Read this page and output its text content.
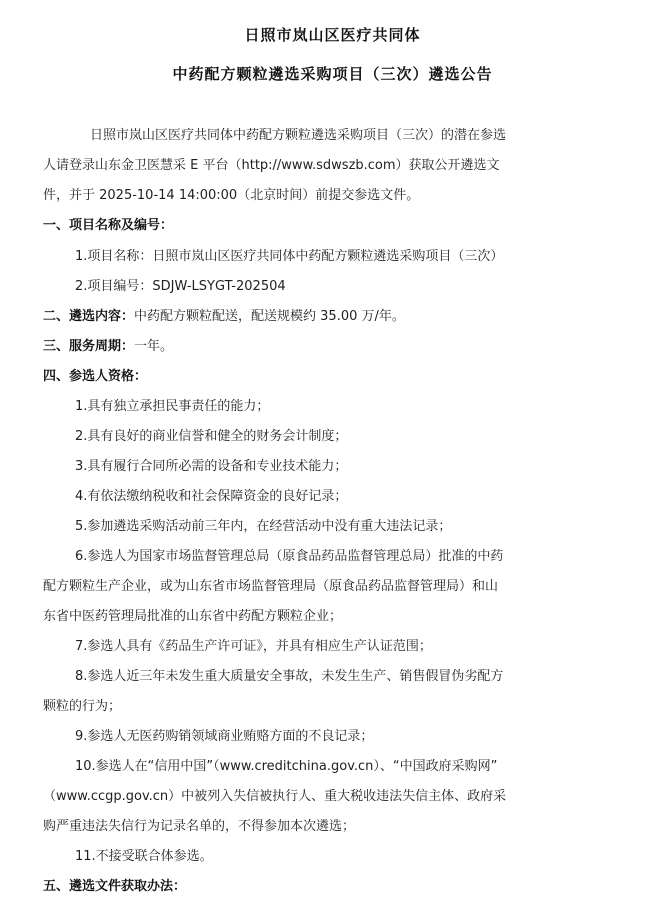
日照市岚山区医疗共同体
中药配方颗粒遴选采购项目（三次）遴选公告
日照市岚山区医疗共同体中药配方颗粒遴选采购项目（三次）的潜在参选
人请登录山东金卫医慧采 E 平台（http://www.sdwszb.com）获取公开遴选文
件，并于 2025-10-14 14:00:00（北京时间）前提交参选文件。
一、项目名称及编号：
1.项目名称：日照市岚山区医疗共同体中药配方颗粒遴选采购项目（三次）
2.项目编号：SDJW-LSYGT-202504
二、遴选内容：中药配方颗粒配送，配送规模约 35.00 万/年。
三、服务周期：一年。
四、参选人资格：
1.具有独立承担民事责任的能力；
2.具有良好的商业信誉和健全的财务会计制度；
3.具有履行合同所必需的设备和专业技术能力；
4.有依法缴纳税收和社会保障资金的良好记录；
5.参加遴选采购活动前三年内，在经营活动中没有重大违法记录；
6.参选人为国家市场监督管理总局（原食品药品监督管理总局）批准的中药
配方颗粒生产企业，或为山东省市场监督管理局（原食品药品监督管理局）和山
东省中医药管理局批准的山东省中药配方颗粒企业；
7.参选人具有《药品生产许可证》，并具有相应生产认证范围；
8.参选人近三年未发生重大质量安全事故，未发生生产、销售假冒伪劣配方
颗粒的行为；
9.参选人无医药购销领域商业贿赂方面的不良记录；
10.参选人在“信用中国”（www.creditchina.gov.cn）、“中国政府采购网”
（www.ccgp.gov.cn）中被列入失信被执行人、重大税收违法失信主体、政府采
购严重违法失信行为记录名单的，不得参加本次遴选；
11.不接受联合体参选。
五、遴选文件获取办法：
